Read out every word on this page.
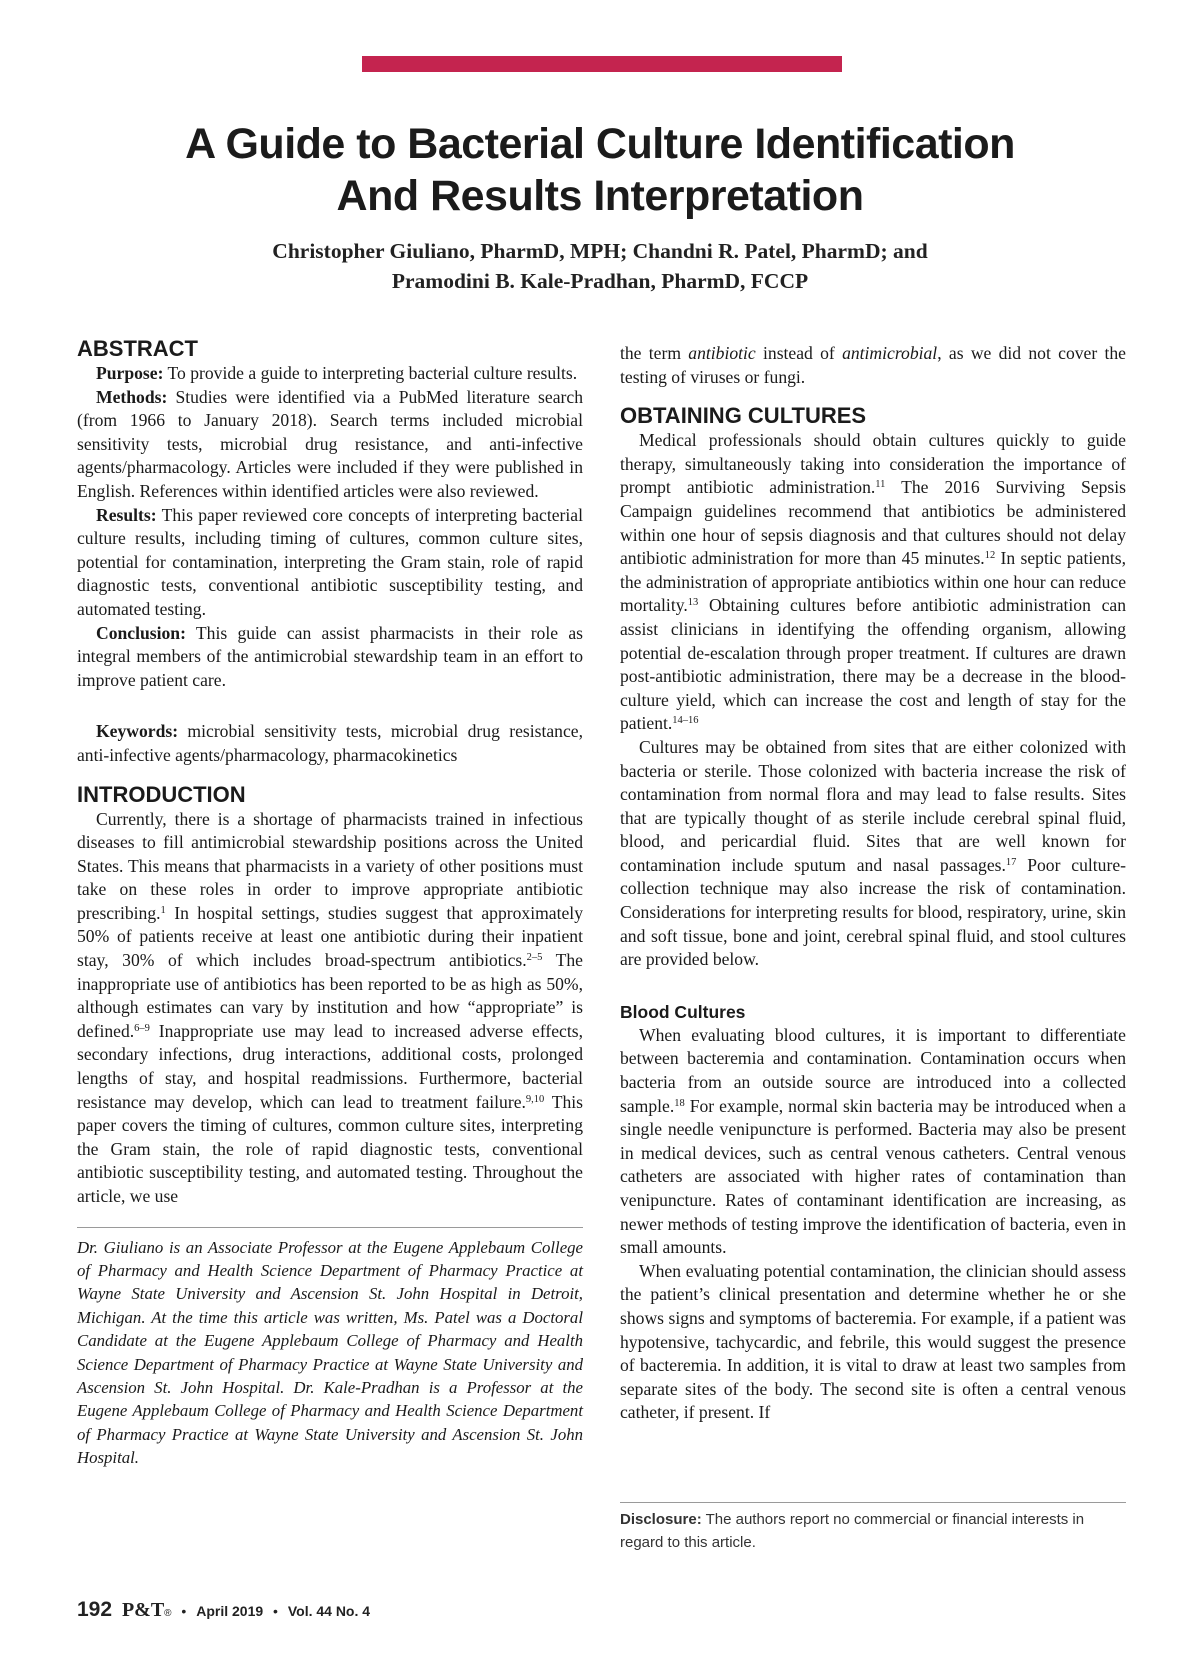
A Guide to Bacterial Culture Identification
And Results Interpretation
Christopher Giuliano, PharmD, MPH; Chandni R. Patel, PharmD; and
Pramodini B. Kale-Pradhan, PharmD, FCCP
ABSTRACT

Purpose: To provide a guide to interpreting bacterial culture results.

Methods: Studies were identified via a PubMed literature search (from 1966 to January 2018). Search terms included microbial sensitivity tests, microbial drug resistance, and anti-infective agents/pharmacology. Articles were included if they were published in English. References within identified articles were also reviewed.

Results: This paper reviewed core concepts of interpreting bacterial culture results, including timing of cultures, common culture sites, potential for contamination, interpreting the Gram stain, role of rapid diagnostic tests, conventional antibiotic susceptibility testing, and automated testing.

Conclusion: This guide can assist pharmacists in their role as integral members of the antimicrobial stewardship team in an effort to improve patient care.

Keywords: microbial sensitivity tests, microbial drug resistance, anti-infective agents/pharmacology, pharmacokinetics

INTRODUCTION

Currently, there is a shortage of pharmacists trained in infectious diseases to fill antimicrobial stewardship positions across the United States. This means that pharmacists in a variety of other positions must take on these roles in order to improve appropriate antibiotic prescribing.$^1$ In hospital settings, studies suggest that approximately 50% of patients receive at least one antibiotic during their inpatient stay, 30% of which includes broad-spectrum antibiotics.$^{2-5}$ The inappropriate use of antibiotics has been reported to be as high as 50%, although estimates can vary by institution and how “appropriate” is defined.$^{6-9}$ Inappropriate use may lead to increased adverse effects, secondary infections, drug interactions, additional costs, prolonged lengths of stay, and hospital readmissions. Furthermore, bacterial resistance may develop, which can lead to treatment failure.$^{9,10}$ This paper covers the timing of cultures, common culture sites, interpreting the Gram stain, the role of rapid diagnostic tests, conventional antibiotic susceptibility testing, and automated testing. Throughout the article, we use

Dr. Giuliano is an Associate Professor at the Eugene Applebaum College of Pharmacy and Health Science Department of Pharmacy Practice at Wayne State University and Ascension St. John Hospital in Detroit, Michigan. At the time this article was written, Ms. Patel was a Doctoral Candidate at the Eugene Applebaum College of Pharmacy and Health Science Department of Pharmacy Practice at Wayne State University and Ascension St. John Hospital. Dr. Kale-Pradhan is a Professor at the Eugene Applebaum College of Pharmacy and Health Science Department of Pharmacy Practice at Wayne State University and Ascension St. John Hospital.

the term antibiotic instead of antimicrobial, as we did not cover the testing of viruses or fungi.

OBTAINING CULTURES

Medical professionals should obtain cultures quickly to guide therapy, simultaneously taking into consideration the importance of prompt antibiotic administration.$^{11}$ The 2016 Surviving Sepsis Campaign guidelines recommend that antibiotics be administered within one hour of sepsis diagnosis and that cultures should not delay antibiotic administration for more than 45 minutes.$^{12}$ In septic patients, the administration of appropriate antibiotics within one hour can reduce mortality.$^{13}$ Obtaining cultures before antibiotic administration can assist clinicians in identifying the offending organism, allowing potential de-escalation through proper treatment. If cultures are drawn post-antibiotic administration, there may be a decrease in the blood-culture yield, which can increase the cost and length of stay for the patient.$^{14-16}$

Cultures may be obtained from sites that are either colonized with bacteria or sterile. Those colonized with bacteria increase the risk of contamination from normal flora and may lead to false results. Sites that are typically thought of as sterile include cerebral spinal fluid, blood, and pericardial fluid. Sites that are well known for contamination include sputum and nasal passages.$^{17}$ Poor culture-collection technique may also increase the risk of contamination. Considerations for interpreting results for blood, respiratory, urine, skin and soft tissue, bone and joint, cerebral spinal fluid, and stool cultures are provided below.

Blood Cultures

When evaluating blood cultures, it is important to differentiate between bacteremia and contamination. Contamination occurs when bacteria from an outside source are introduced into a collected sample.$^{18}$ For example, normal skin bacteria may be introduced when a single needle venipuncture is performed. Bacteria may also be present in medical devices, such as central venous catheters. Central venous catheters are associated with higher rates of contamination than venipuncture. Rates of contaminant identification are increasing, as newer methods of testing improve the identification of bacteria, even in small amounts.

When evaluating potential contamination, the clinician should assess the patient’s clinical presentation and determine whether he or she shows signs and symptoms of bacteremia. For example, if a patient was hypotensive, tachycardic, and febrile, this would suggest the presence of bacteremia. In addition, it is vital to draw at least two samples from separate sites of the body. The second site is often a central venous catheter, if present. If

Disclosure: The authors report no commercial or financial interests in regard to this article.

192 P&T® • April 2019 • Vol. 44 No. 4
